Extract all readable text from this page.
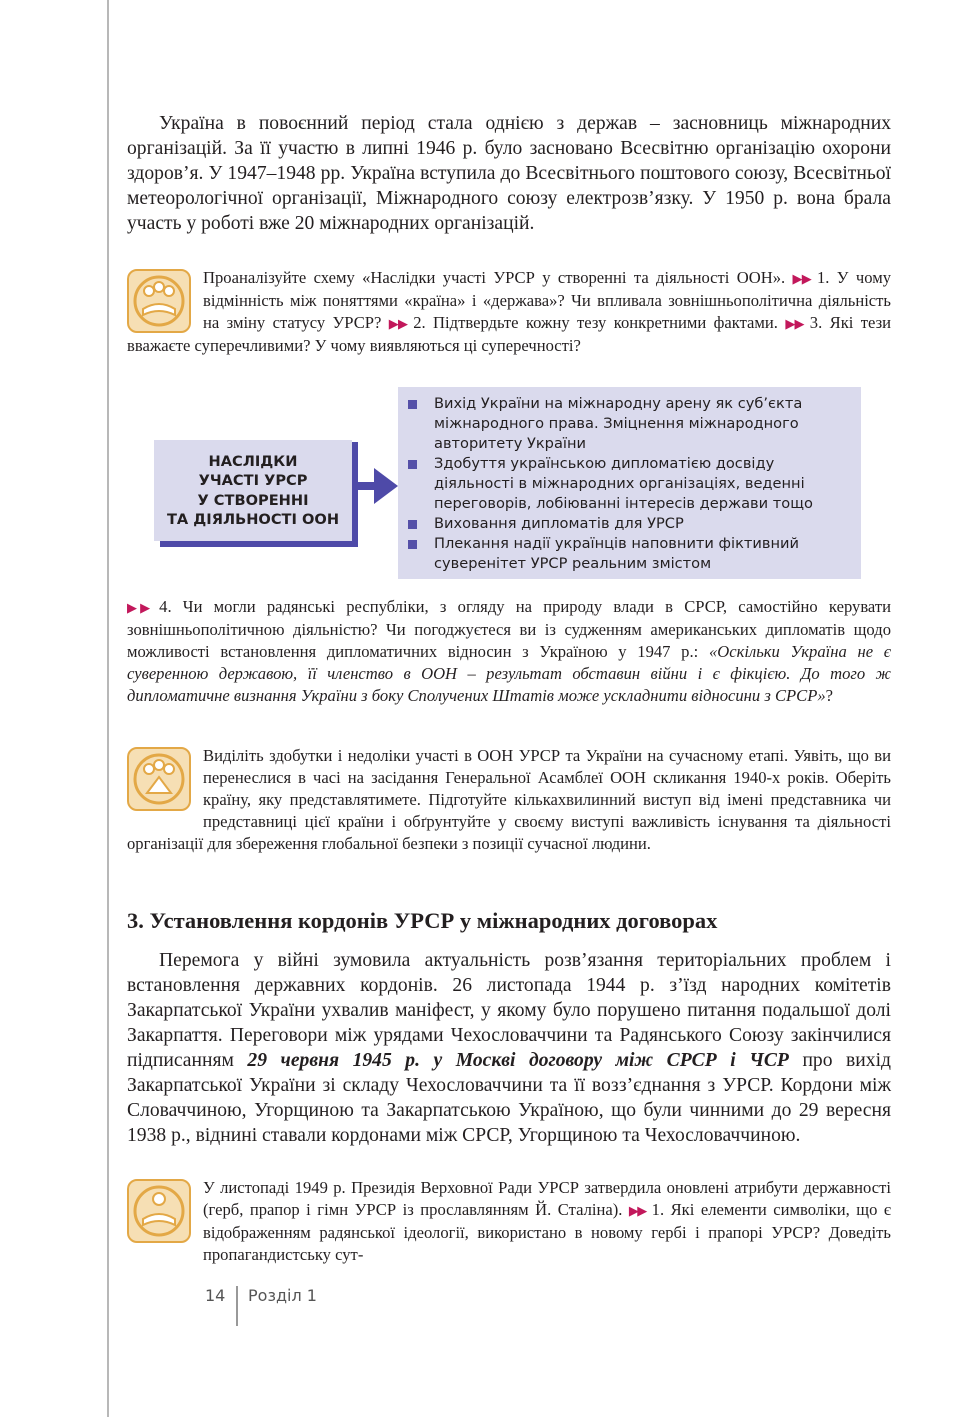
Україна в повоєнний період стала однією з держав – засновниць міжнародних організацій. За її участю в липні 1946 р. було засновано Всесвітню організацію охорони здоров’я. У 1947–1948 рр. Україна вступила до Всесвітнього поштового союзу, Всесвітньої метеорологічної організації, Міжнародного союзу електрозв’язку. У 1950 р. вона брала участь у роботі вже 20 міжнародних організацій.

Проаналізуйте схему «Наслідки участі УРСР у створенні та діяльності ООН». ▶▶ 1. У чому відмінність між поняттями «країна» і «держава»? Чи впливала зовнішньополітична діяльність на зміну статусу УРСР? ▶▶ 2. Підтвердьте кожну тезу конкретними фактами. ▶▶ 3. Які тези вважаєте суперечливими? У чому виявляються ці суперечності?

НАСЛІДКИ
УЧАСТІ УРСР
У СТВОРЕННІ
ТА ДІЯЛЬНОСТІ ООН
Вихід України на міжнародну арену як суб’єкта міжнародного права. Зміцнення міжнародного авторитету України
Здобуття українською дипломатією досвіду діяльності в міжнародних організаціях, веденні переговорів, лобіюванні інтересів держави тощо
Виховання дипломатів для УРСР
Плекання надії українців наповнити фіктивний суверенітет УРСР реальним змістом

▶▶ 4. Чи могли радянські республіки, з огляду на природу влади в СРСР, самостійно керувати зовнішньополітичною діяльністю? Чи погоджуєтеся ви із судженням американських дипломатів щодо можливості встановлення дипломатичних відносин з Україною у 1947 р.: «Оскільки Україна не є суверенною державою, її членство в ООН – результат обставин війни і є фікцією. До того ж дипломатичне визнання України з боку Сполучених Штатів може ускладнити відносини з СРСР»?

Виділіть здобутки і недоліки участі в ООН УРСР та України на сучасному етапі. Уявіть, що ви перенеслися в часі на засідання Генеральної Асамблеї ООН скликання 1940-х років. Оберіть країну, яку представлятимете. Підготуйте кількахвилинний виступ від імені представника чи представниці цієї країни і обґрунтуйте у своєму виступі важливість існування та діяльності організації для збереження глобальної безпеки з позиції сучасної людини.

3. Установлення кордонів УРСР у міжнародних договорах

Перемога у війні зумовила актуальність розв’язання територіальних проблем і встановлення державних кордонів. 26 листопада 1944 р. з’їзд народних комітетів Закарпатської України ухвалив маніфест, у якому було порушено питання подальшої долі Закарпаття. Переговори між урядами Чехословаччини та Радянського Союзу закінчилися підписанням 29 червня 1945 р. у Москві договору між СРСР і ЧСР про вихід Закарпатської України зі складу Чехословаччини та її возз’єднання з УРСР. Кордони між Словаччиною, Угорщиною та Закарпатською Україною, що були чинними до 29 вересня 1938 р., віднині ставали кордонами між СРСР, Угорщиною та Чехословаччиною.

У листопаді 1949 р. Президія Верховної Ради УРСР затвердила оновлені атрибути державності (герб, прапор і гімн УРСР із прославлянням Й. Сталіна). ▶▶ 1. Які елементи символіки, що є відображенням радянської ідеології, використано в новому гербі і прапорі УРСР? Доведіть пропагандистську сут-

14 Розділ 1
